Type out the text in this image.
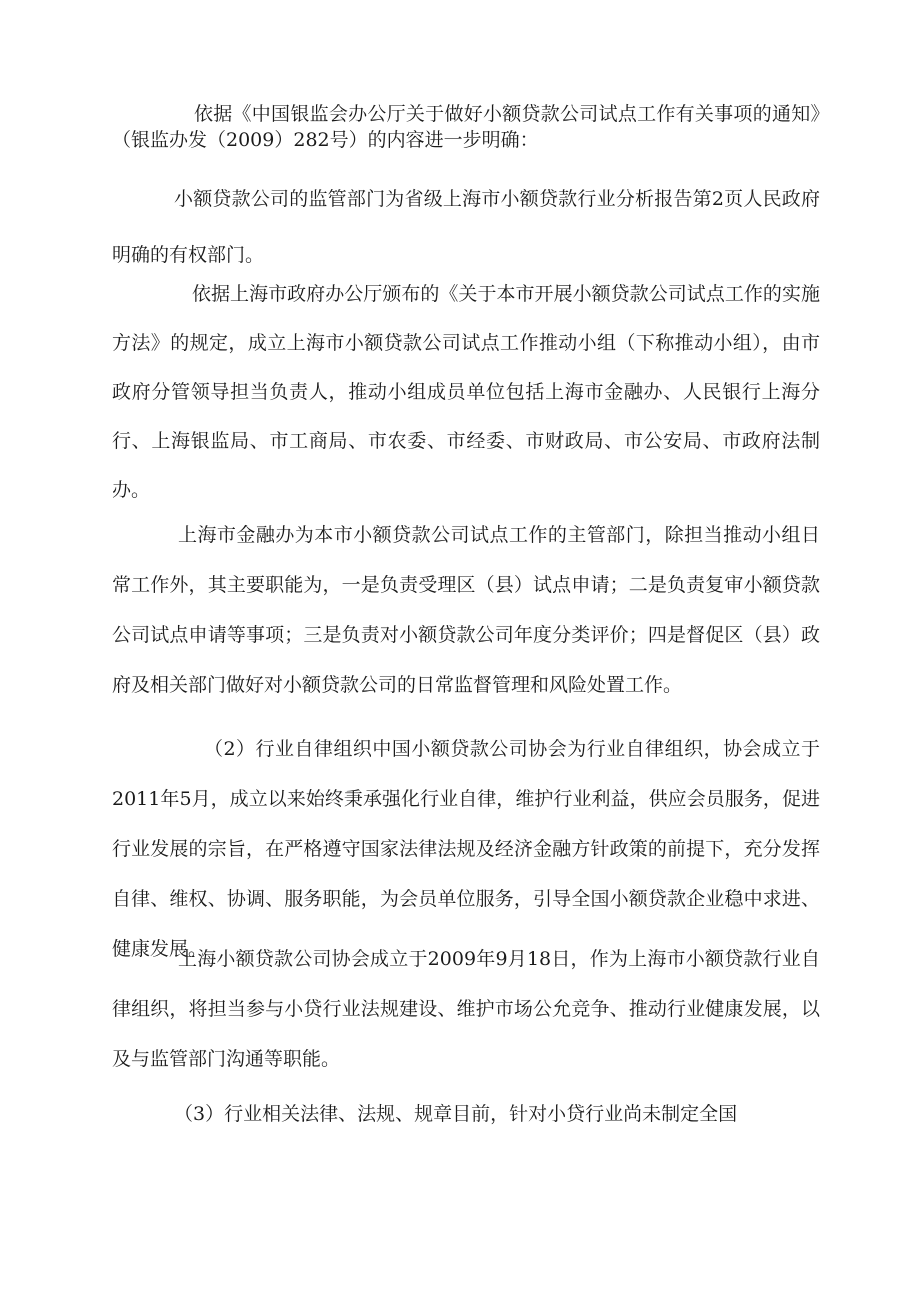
依据《中国银监会办公厅关于做好小额贷款公司试点工作有关事项的通知》（银监办发（2009）282号）的内容进一步明确：

小额贷款公司的监管部门为省级上海市小额贷款行业分析报告第2页人民政府明确的有权部门。

依据上海市政府办公厅颁布的《关于本市开展小额贷款公司试点工作的实施方法》的规定，成立上海市小额贷款公司试点工作推动小组（下称推动小组），由市政府分管领导担当负责人，推动小组成员单位包括上海市金融办、人民银行上海分行、上海银监局、市工商局、市农委、市经委、市财政局、市公安局、市政府法制办。

上海市金融办为本市小额贷款公司试点工作的主管部门，除担当推动小组日常工作外，其主要职能为，一是负责受理区（县）试点申请；二是负责复审小额贷款公司试点申请等事项；三是负责对小额贷款公司年度分类评价；四是督促区（县）政府及相关部门做好对小额贷款公司的日常监督管理和风险处置工作。

（2）行业自律组织中国小额贷款公司协会为行业自律组织，协会成立于2011年5月，成立以来始终秉承强化行业自律，维护行业利益，供应会员服务，促进行业发展的宗旨，在严格遵守国家法律法规及经济金融方针政策的前提下，充分发挥自律、维权、协调、服务职能，为会员单位服务，引导全国小额贷款企业稳中求进、健康发展。

上海小额贷款公司协会成立于2009年9月18日，作为上海市小额贷款行业自律组织，将担当参与小贷行业法规建设、维护市场公允竞争、推动行业健康发展，以及与监管部门沟通等职能。

（3）行业相关法律、法规、规章目前，针对小贷行业尚未制定全国
